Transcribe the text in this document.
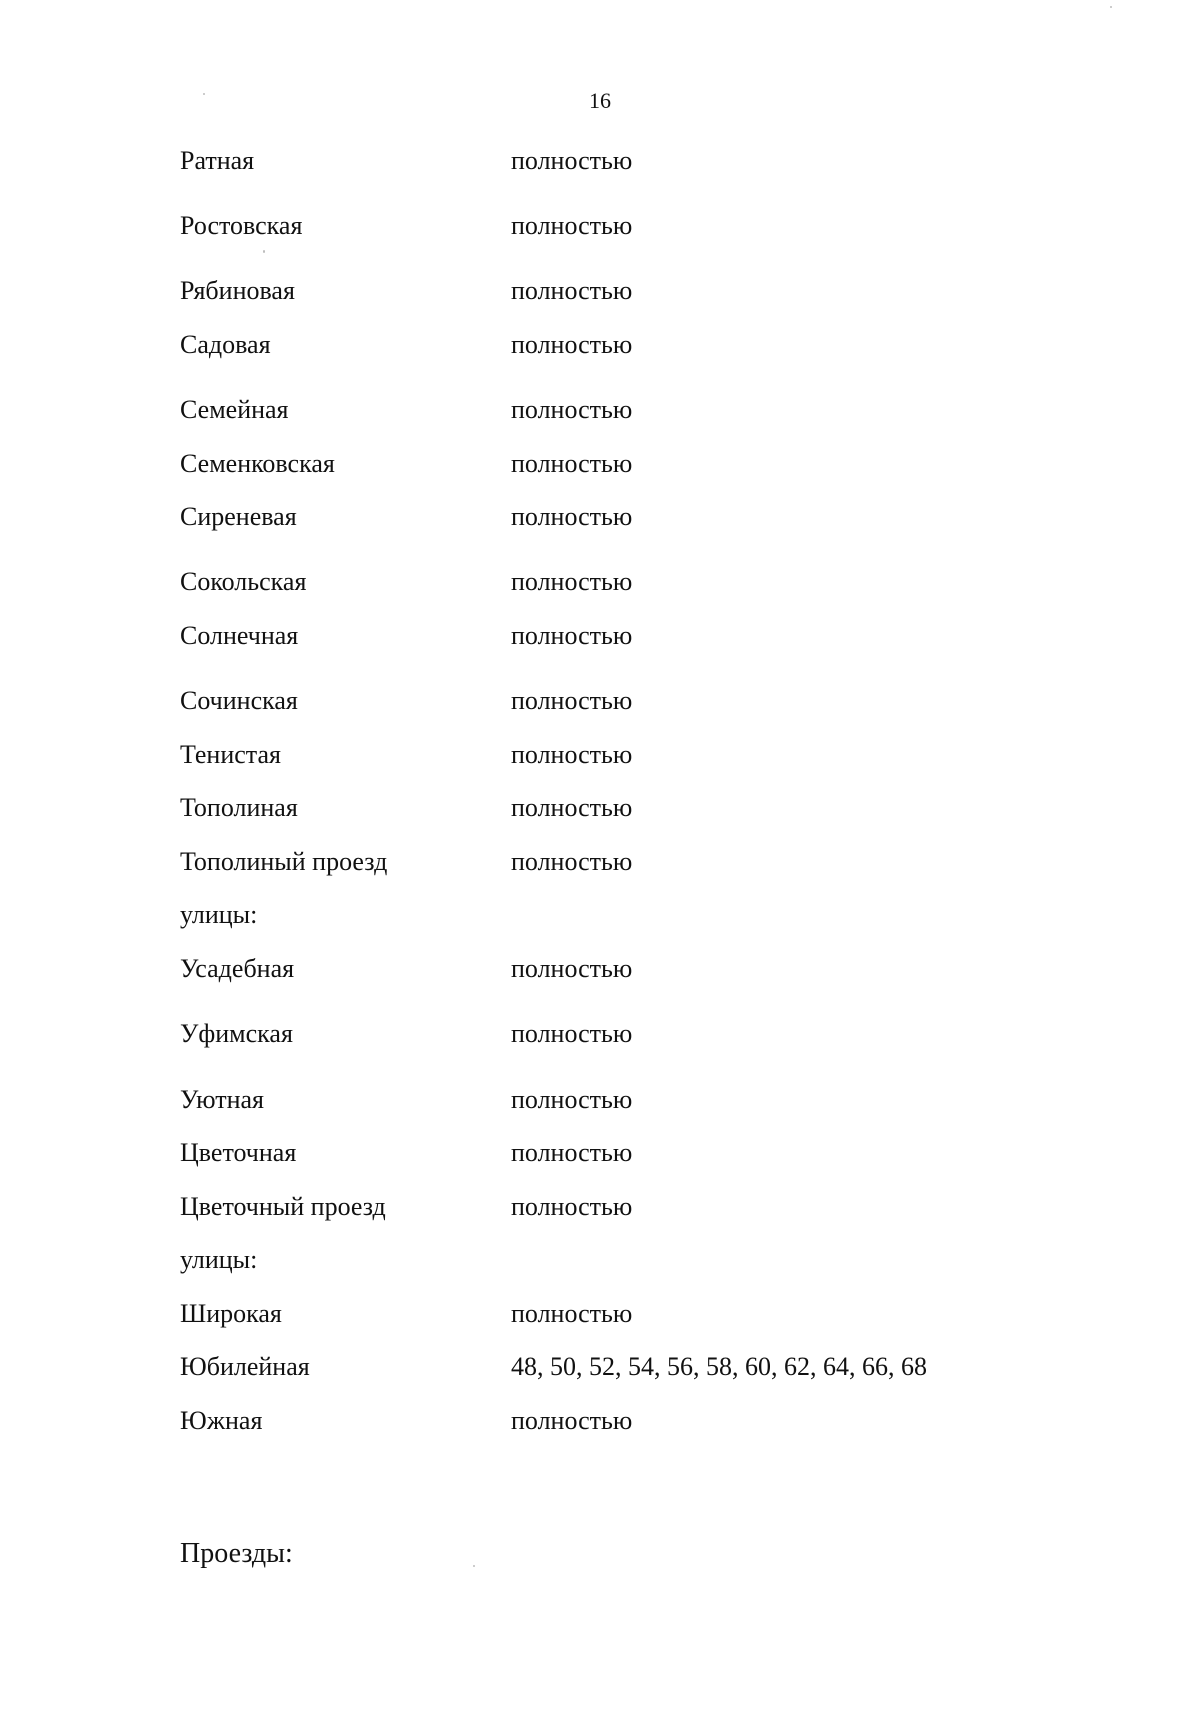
16
Ратная	полностью
Ростовская	полностью
Рябиновая	полностью
Садовая	полностью
Семейная	полностью
Семенковская	полностью
Сиреневая	полностью
Сокольская	полностью
Солнечная	полностью
Сочинская	полностью
Тенистая	полностью
Тополиная	полностью
Тополиный проезд	полностью
улицы:
Усадебная	полностью
Уфимская	полностью
Уютная	полностью
Цветочная	полностью
Цветочный проезд	полностью
улицы:
Широкая	полностью
Юбилейная	48, 50, 52, 54, 56, 58, 60, 62, 64, 66, 68
Южная	полностью
Проезды:
